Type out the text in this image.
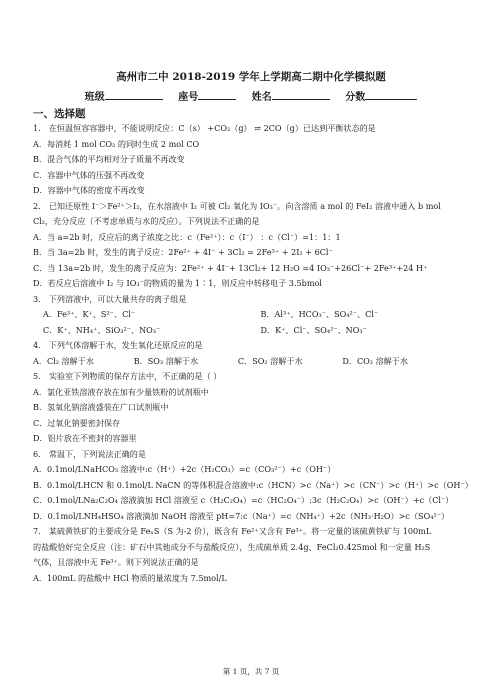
高州市二中 2018-2019 学年上学期高二期中化学模拟题
班级	座号	姓名	分数
一、选择题
1． 在恒温恒容容器中，不能说明反应：C（s） +CO₂（g） ⇌ 2CO（g）已达到平衡状态的是
A．每消耗 1 mol CO₂ 的同时生成 2 mol CO
B．混合气体的平均相对分子质量不再改变
C．容器中气体的压强不再改变
D．容器中气体的密度不再改变
2． 已知还原性 I⁻＞Fe²⁺＞I₂，在水溶液中 I₂ 可被 Cl₂ 氧化为 IO₃⁻。向含溶质 a mol 的 FeI₂ 溶液中通入 b mol
Cl₂，充分反应（不考虑单质与水的反应）。下列说法不正确的是
A．当 a=2b 时，反应后的离子浓度之比：c（Fe²⁺）：c（I⁻） ：c（Cl⁻）=1：1：1
B．当 3a=2b 时，发生的离子反应：2Fe²⁺ + 4I⁻ + 3Cl₂ = 2Fe³⁺ + 2I₂ + 6Cl⁻
C．当 13a=2b 时，发生的离子反应为：2Fe²⁺ + 4I⁻+ 13Cl₂+ 12 H₂O =4 IO₃⁻+26Cl⁻+ 2Fe³⁺+24 H⁺
D．若反应后溶液中 I₂ 与 IO₃⁻的物质的量为 1∶1，则反应中转移电子 3.5bmol
3． 下列溶液中，可以大量共存的离子组是
A．Fe³⁺、K⁺、S²⁻、Cl⁻	B．Al³⁺、HCO₃⁻、SO₄²⁻、Cl⁻
C．K⁺、NH₄⁺、SiO₃²⁻、NO₃⁻	D．K⁺、Cl⁻、SO₄²⁻、NO₃⁻
4． 下列气体溶解于水，发生氧化还原反应的是
A．Cl₂ 溶解于水	B．SO₃ 溶解于水	C．SO₂ 溶解于水	D．CO₂ 溶解于水
5． 实验室下列物质的保存方法中，不正确的是（ ）
A．氯化亚铁溶液存放在加有少量铁粉的试剂瓶中
B．氢氧化钠溶液盛装在广口试剂瓶中
C．过氧化钠要密封保存
D．铝片放在不密封的容器里
6． 常温下，下列说法正确的是
A．0.1mol/LNaHCO₃ 溶液中:c（H⁺）+2c（H₂CO₃）=c（CO₃²⁻）+c（OH⁻）
B．0.1mol/LHCN 和 0.1mol/L NaCN 的等体积混合溶液中:c（HCN）>c（Na⁺）>c（CN⁻）>c（H⁺）>c（OH⁻）
C．0.1mol/LNa₂C₂O₄ 溶液滴加 HCl 溶液至 c（H₂C₂O₄）=c（HC₂O₄⁻）:3c（H₂C₂O₄）>c（OH⁻）+c（Cl⁻）
D．0.1mol/LNH₄HSO₄ 溶液滴加 NaOH 溶液至 pH=7:c（Na⁺）=c（NH₄⁺）+2c（NH₃·H₂O）>c（SO₄²⁻）
7． 某硫黄铁矿的主要成分是 FeₓS（S 为-2 价），既含有 Fe²⁺又含有 Fe³⁺。将一定量的该硫黄铁矿与 100mL
的盐酸恰好完全反应（注：矿石中其他成分不与盐酸反应），生成硫单质 2.4g、FeCl₂0.425mol 和一定量 H₂S
气体，且溶液中无 Fe³⁺。则下列说法正确的是
A．100mL 的盐酸中 HCl 物质的量浓度为 7.5mol/L
第 1 页，共 7 页
